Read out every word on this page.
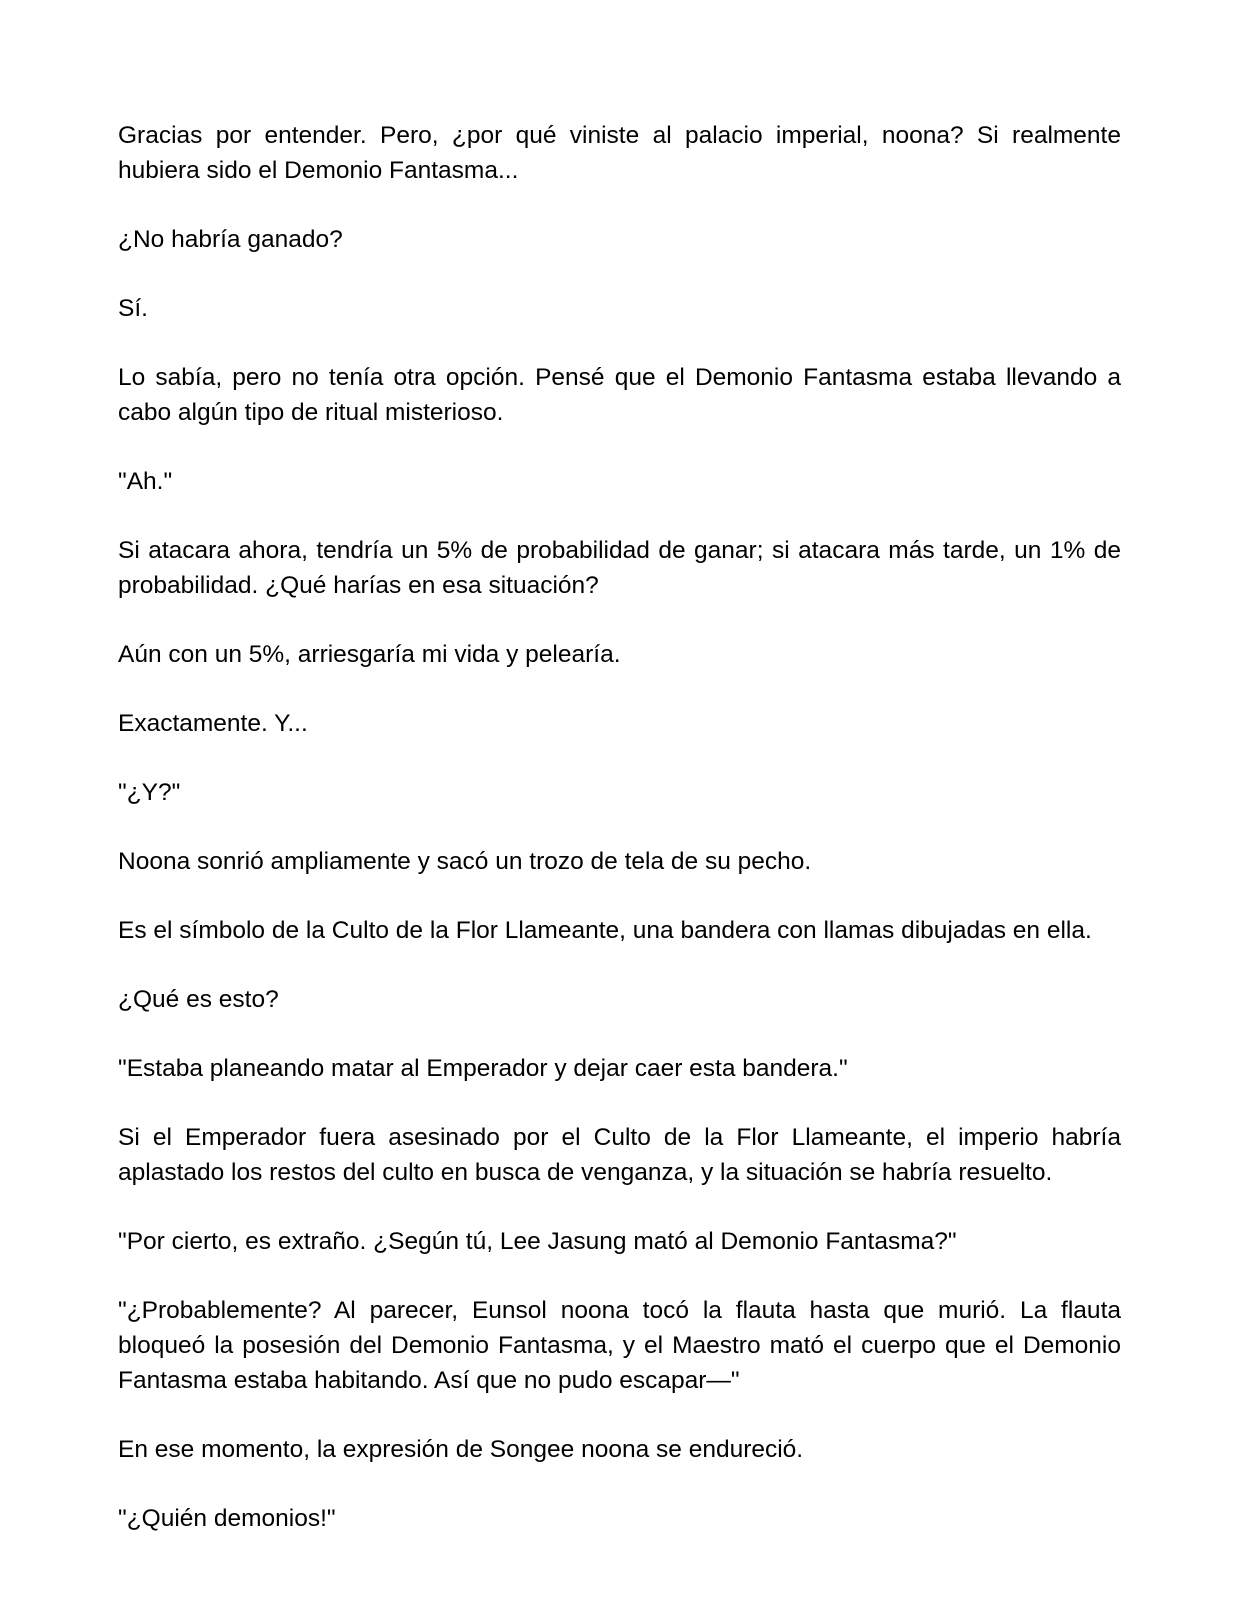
Gracias por entender. Pero, ¿por qué viniste al palacio imperial, noona? Si realmente hubiera sido el Demonio Fantasma...

¿No habría ganado?

Sí.

Lo sabía, pero no tenía otra opción. Pensé que el Demonio Fantasma estaba llevando a cabo algún tipo de ritual misterioso.

"Ah."

Si atacara ahora, tendría un 5% de probabilidad de ganar; si atacara más tarde, un 1% de probabilidad. ¿Qué harías en esa situación?

Aún con un 5%, arriesgaría mi vida y pelearía.

Exactamente. Y...

"¿Y?"

Noona sonrió ampliamente y sacó un trozo de tela de su pecho.

Es el símbolo de la Culto de la Flor Llameante, una bandera con llamas dibujadas en ella.

¿Qué es esto?

"Estaba planeando matar al Emperador y dejar caer esta bandera."

Si el Emperador fuera asesinado por el Culto de la Flor Llameante, el imperio habría aplastado los restos del culto en busca de venganza, y la situación se habría resuelto.

"Por cierto, es extraño. ¿Según tú, Lee Jasung mató al Demonio Fantasma?"

"¿Probablemente? Al parecer, Eunsol noona tocó la flauta hasta que murió. La flauta bloqueó la posesión del Demonio Fantasma, y el Maestro mató el cuerpo que el Demonio Fantasma estaba habitando. Así que no pudo escapar—"

En ese momento, la expresión de Songee noona se endureció.

"¿Quién demonios!"
